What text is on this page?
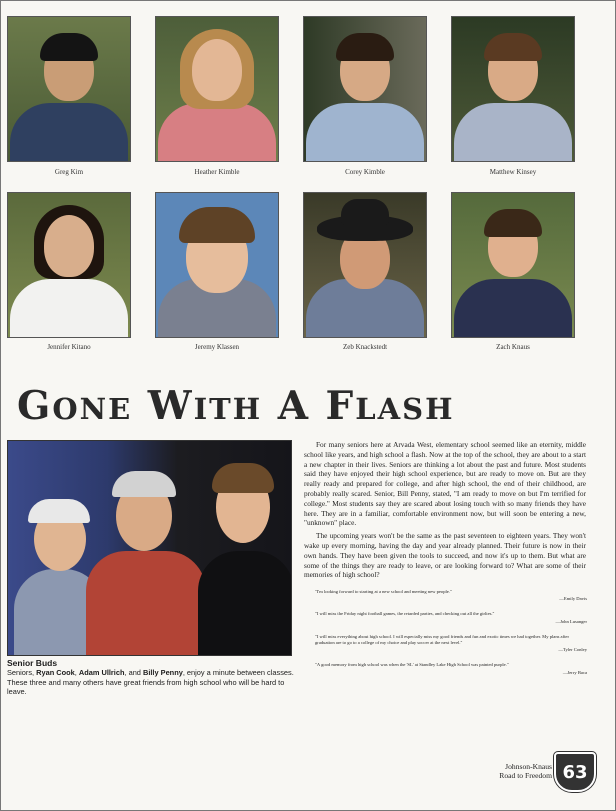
Greg Kim	Heather Kimble	Corey Kimble	Matthew Kinsey
Jennifer Kitano	Jeremy Klassen	Zeb Knackstedt	Zach Knaus
GONE WITH A FLASH
Senior Buds
Seniors, Ryan Cook, Adam Ullrich, and Billy Penny, enjoy a minute between classes. These three and many others have great friends from high school who will be hard to leave.

For many seniors here at Arvada West, elementary school seemed like an eternity, middle school like years, and high school a flash. Now at the top of the school, they are about to a start a new chapter in their lives. Seniors are thinking a lot about the past and future. Most students said they have enjoyed their high school experience, but are ready to move on. But are they really ready and prepared for college, and after high school, the end of their childhood, are probably really scared. Senior, Bill Penny, stated, "I am ready to move on but I'm terrified for college." Most students say they are scared about losing touch with so many friends they have here. They are in a familiar, comfortable environment now, but will soon be entering a new, "unknown" place.

The upcoming years won't be the same as the past seventeen to eighteen years. They won't wake up every morning, having the day and year already planned. Their future is now in their own hands. They have been given the tools to succeed, and now it's up to them. But what are some of the things they are ready to leave, or are looking forward to? What are some of their memories of high school?

"I'm looking forward to starting at a new school and meeting new people."
—Emily Davis
"I will miss the Friday night football games, the retarded parties, and checking out all the girlies."
—John Lusanger
"I will miss everything about high school. I will especially miss my good friends and fun and exotic times we had together. My plans after graduation are to go to a college of my choice and play soccer at the next level."
—Tyler Conley
"A good memory from high school was when the 'SL' at Standley Lake High School was painted purple."
—Jerry Baca
Johnson-Knaus
Road to Freedom 63
